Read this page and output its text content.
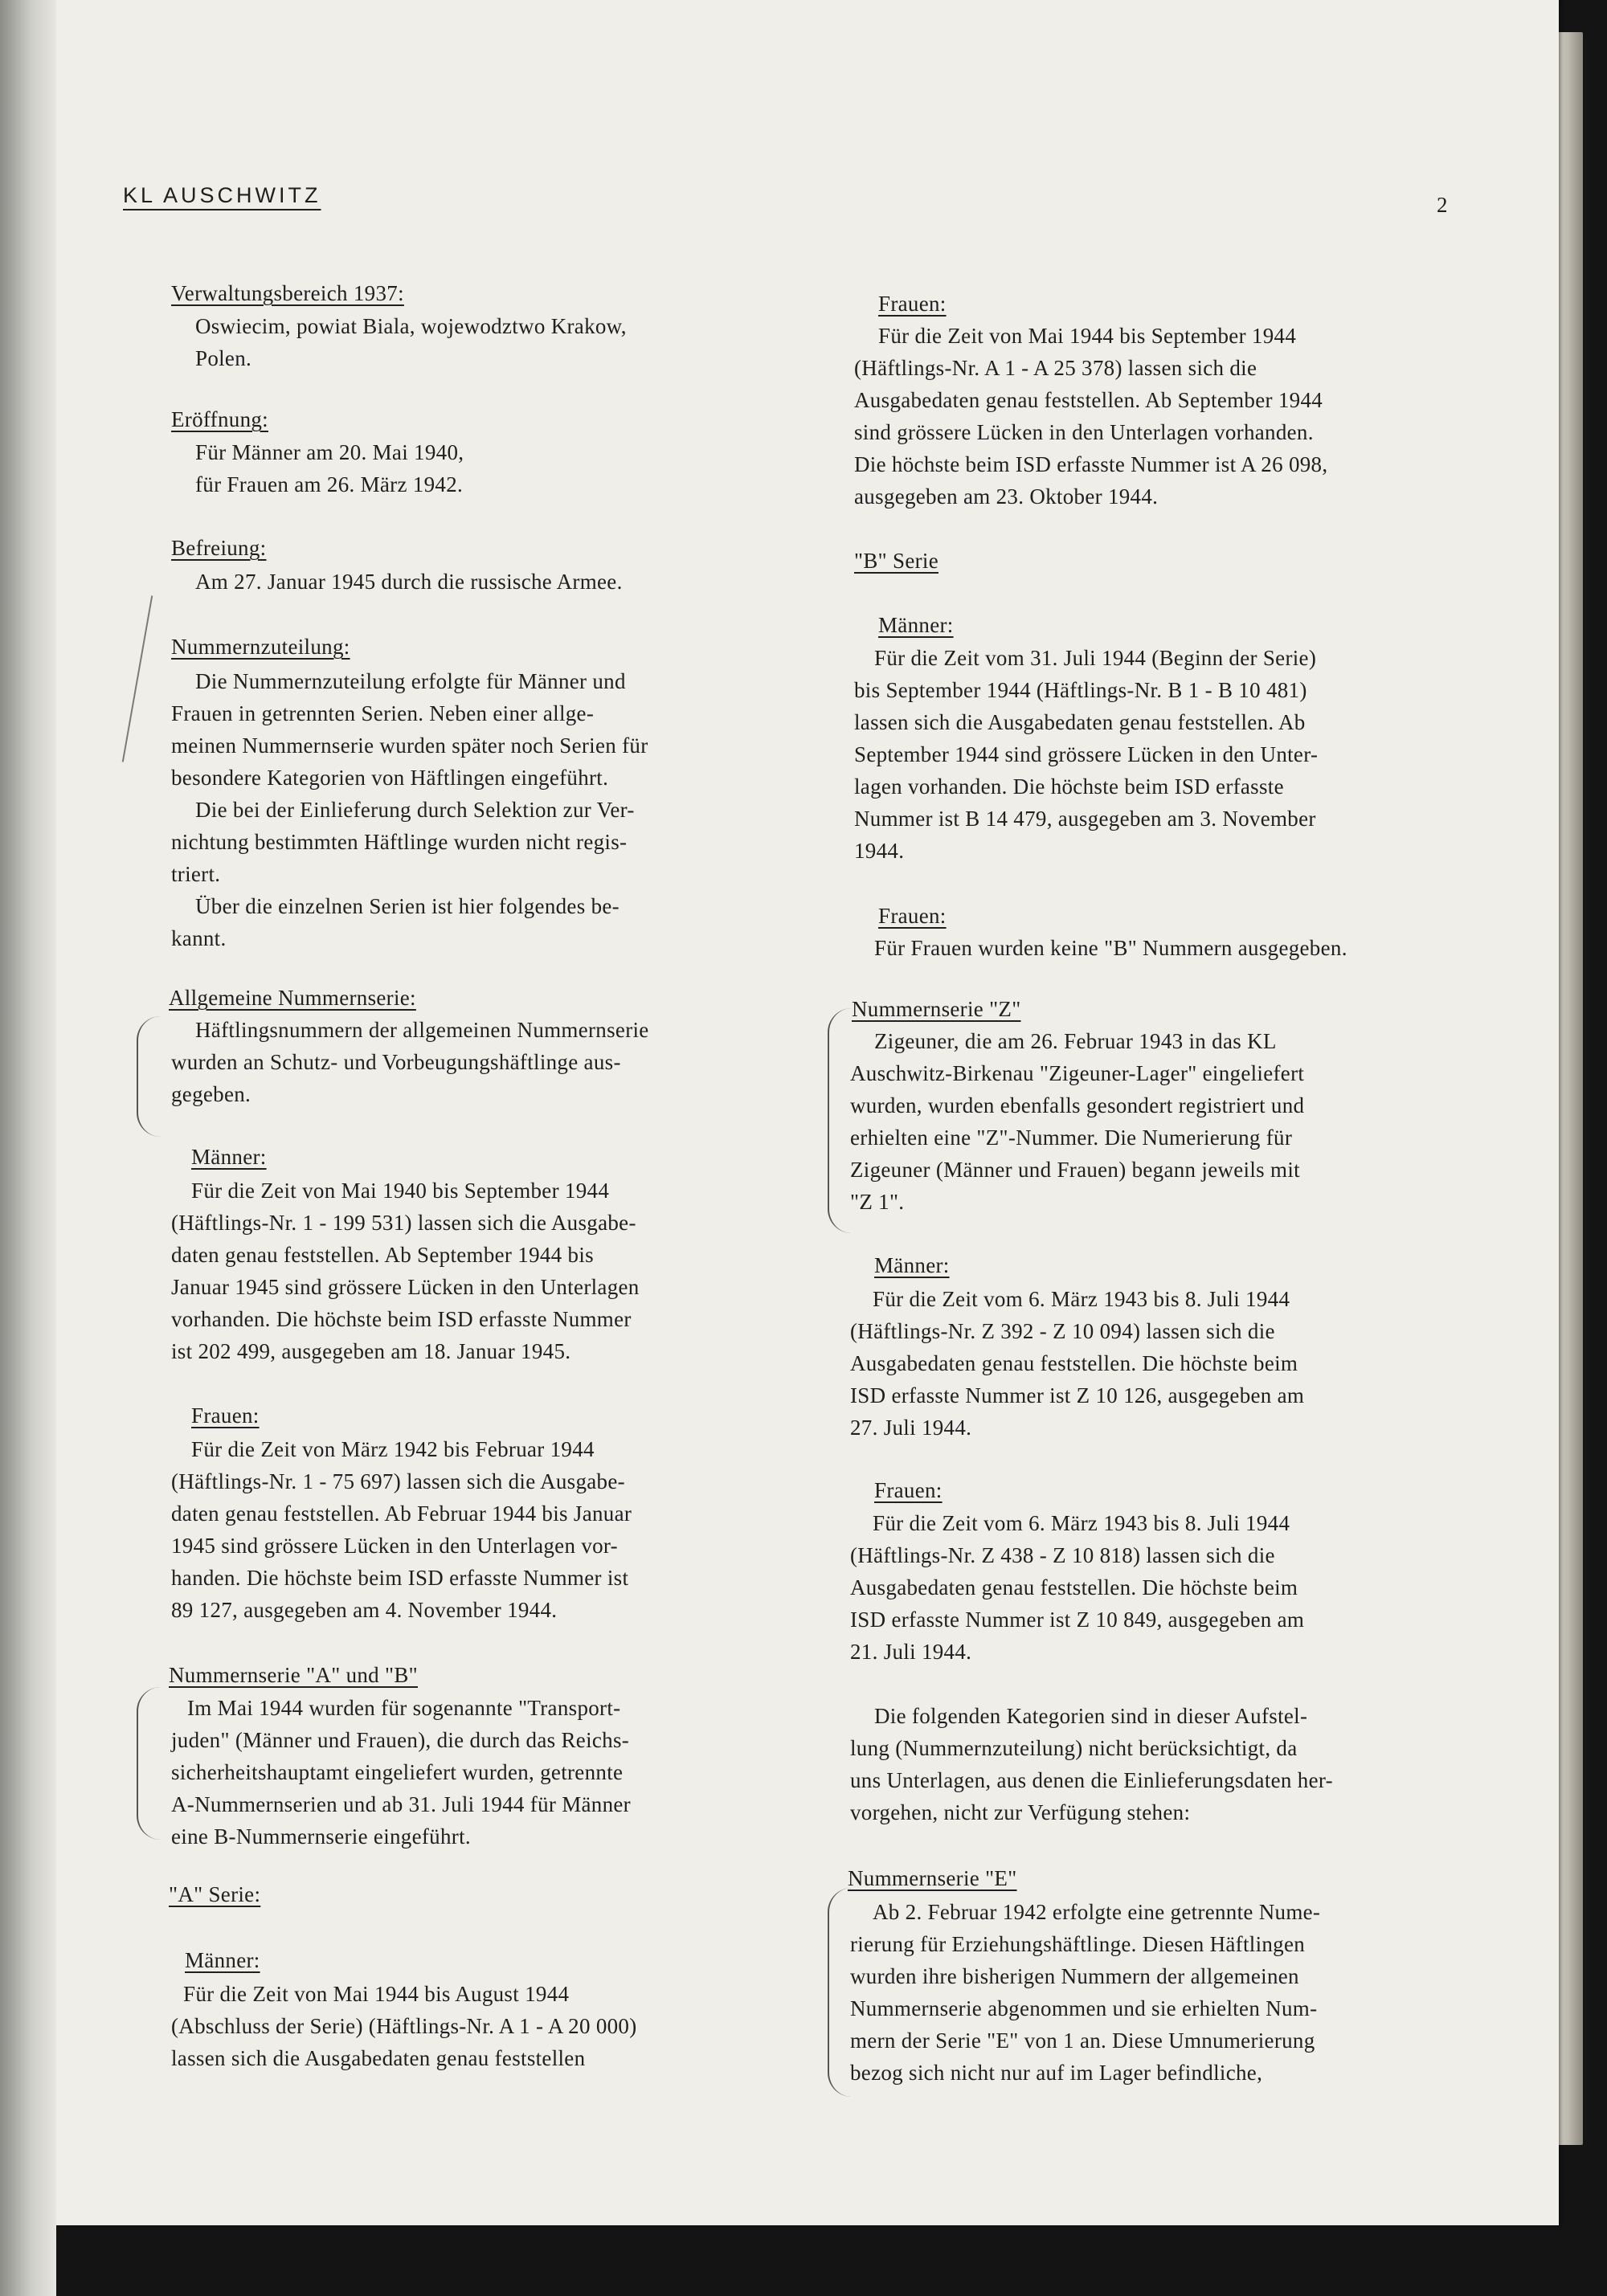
KL AUSCHWITZ	2
Verwaltungsbereich 1937:
Oswiecim, powiat Biala, wojewodztwo Krakow,
Polen.
Eröffnung:
Für Männer am 20. Mai 1940,
für Frauen am 26. März 1942.
Befreiung:
Am 27. Januar 1945 durch die russische Armee.
Nummernzuteilung:
Die Nummernzuteilung erfolgte für Männer und
Frauen in getrennten Serien. Neben einer allge-
meinen Nummernserie wurden später noch Serien für
besondere Kategorien von Häftlingen eingeführt.
Die bei der Einlieferung durch Selektion zur Ver-
nichtung bestimmten Häftlinge wurden nicht regis-
triert.
Über die einzelnen Serien ist hier folgendes be-
kannt.
Allgemeine Nummernserie:
Häftlingsnummern der allgemeinen Nummernserie
wurden an Schutz- und Vorbeugungshäftlinge aus-
gegeben.
Männer:
Für die Zeit von Mai 1940 bis September 1944
(Häftlings-Nr. 1 - 199 531) lassen sich die Ausgabe-
daten genau feststellen. Ab September 1944 bis
Januar 1945 sind grössere Lücken in den Unterlagen
vorhanden. Die höchste beim ISD erfasste Nummer
ist 202 499, ausgegeben am 18. Januar 1945.
Frauen:
Für die Zeit von März 1942 bis Februar 1944
(Häftlings-Nr. 1 - 75 697) lassen sich die Ausgabe-
daten genau feststellen. Ab Februar 1944 bis Januar
1945 sind grössere Lücken in den Unterlagen vor-
handen. Die höchste beim ISD erfasste Nummer ist
89 127, ausgegeben am 4. November 1944.
Nummernserie "A" und "B"
Im Mai 1944 wurden für sogenannte "Transport-
juden" (Männer und Frauen), die durch das Reichs-
sicherheitshauptamt eingeliefert wurden, getrennte
A-Nummernserien und ab 31. Juli 1944 für Männer
eine B-Nummernserie eingeführt.
"A" Serie:
Männer:
Für die Zeit von Mai 1944 bis August 1944
(Abschluss der Serie) (Häftlings-Nr. A 1 - A 20 000)
lassen sich die Ausgabedaten genau feststellen
Frauen:
Für die Zeit von Mai 1944 bis September 1944
(Häftlings-Nr. A 1 - A 25 378) lassen sich die
Ausgabedaten genau feststellen. Ab September 1944
sind grössere Lücken in den Unterlagen vorhanden.
Die höchste beim ISD erfasste Nummer ist A 26 098,
ausgegeben am 23. Oktober 1944.
"B" Serie
Männer:
Für die Zeit vom 31. Juli 1944 (Beginn der Serie)
bis September 1944 (Häftlings-Nr. B 1 - B 10 481)
lassen sich die Ausgabedaten genau feststellen. Ab
September 1944 sind grössere Lücken in den Unter-
lagen vorhanden. Die höchste beim ISD erfasste
Nummer ist B 14 479, ausgegeben am 3. November
1944.
Frauen:
Für Frauen wurden keine "B" Nummern ausgegeben.
Nummernserie "Z"
Zigeuner, die am 26. Februar 1943 in das KL
Auschwitz-Birkenau "Zigeuner-Lager" eingeliefert
wurden, wurden ebenfalls gesondert registriert und
erhielten eine "Z"-Nummer. Die Numerierung für
Zigeuner (Männer und Frauen) begann jeweils mit
"Z 1".
Männer:
Für die Zeit vom 6. März 1943 bis 8. Juli 1944
(Häftlings-Nr. Z 392 - Z 10 094) lassen sich die
Ausgabedaten genau feststellen. Die höchste beim
ISD erfasste Nummer ist Z 10 126, ausgegeben am
27. Juli 1944.
Frauen:
Für die Zeit vom 6. März 1943 bis 8. Juli 1944
(Häftlings-Nr. Z 438 - Z 10 818) lassen sich die
Ausgabedaten genau feststellen. Die höchste beim
ISD erfasste Nummer ist Z 10 849, ausgegeben am
21. Juli 1944.
Die folgenden Kategorien sind in dieser Aufstel-
lung (Nummernzuteilung) nicht berücksichtigt, da
uns Unterlagen, aus denen die Einlieferungsdaten her-
vorgehen, nicht zur Verfügung stehen:
Nummernserie "E"
Ab 2. Februar 1942 erfolgte eine getrennte Nume-
rierung für Erziehungshäftlinge. Diesen Häftlingen
wurden ihre bisherigen Nummern der allgemeinen
Nummernserie abgenommen und sie erhielten Num-
mern der Serie "E" von 1 an. Diese Umnumerierung
bezog sich nicht nur auf im Lager befindliche,
